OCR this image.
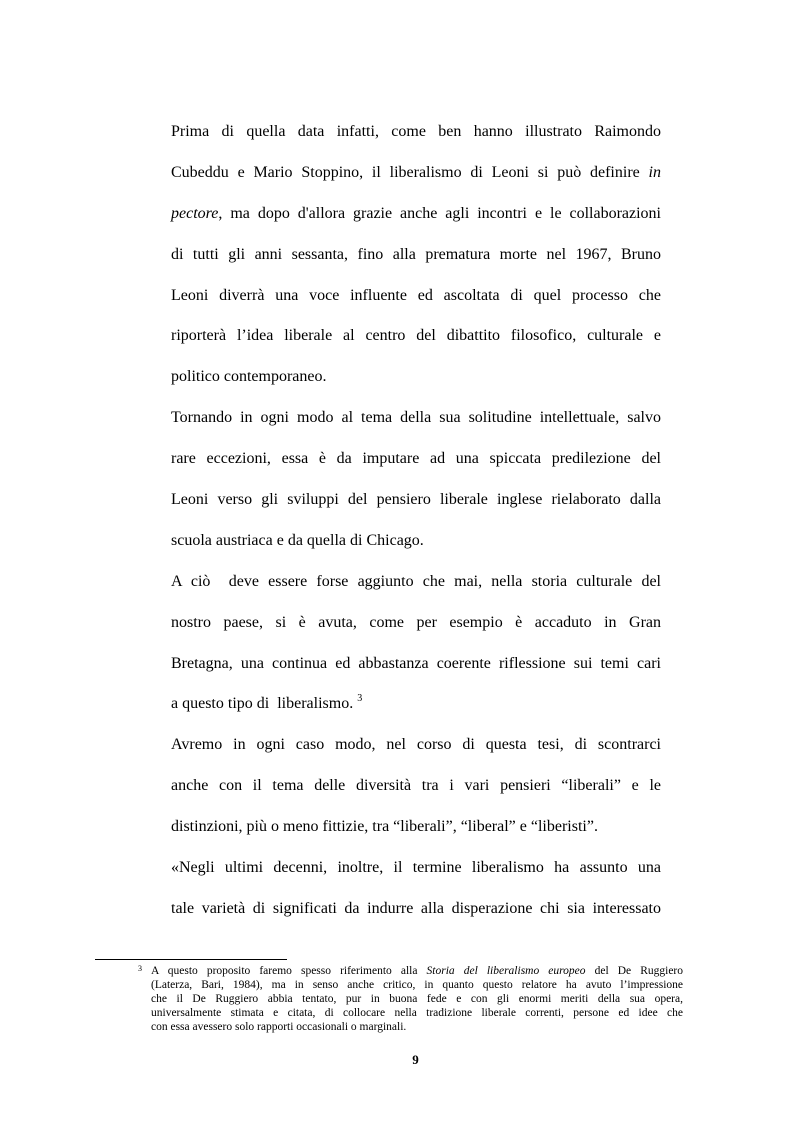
Prima di quella data infatti, come ben hanno illustrato Raimondo
Cubeddu e Mario Stoppino, il liberalismo di Leoni si può definire in
pectore, ma dopo d'allora grazie anche agli incontri e le collaborazioni
di tutti gli anni sessanta, fino alla prematura morte nel 1967, Bruno
Leoni diverrà una voce influente ed ascoltata di quel processo che
riporterà l’idea liberale al centro del dibattito filosofico, culturale e
politico contemporaneo.
Tornando in ogni modo al tema della sua solitudine intellettuale, salvo
rare eccezioni, essa è da imputare ad una spiccata predilezione del
Leoni verso gli sviluppi del pensiero liberale inglese rielaborato dalla
scuola austriaca e da quella di Chicago.
A ciò  deve essere forse aggiunto che mai, nella storia culturale del
nostro paese, si è avuta, come per esempio è accaduto in Gran
Bretagna, una continua ed abbastanza coerente riflessione sui temi cari
a questo tipo di  liberalismo. $^3$
Avremo in ogni caso modo, nel corso di questa tesi, di scontrarci
anche con il tema delle diversità tra i vari pensieri “liberali” e le
distinzioni, più o meno fittizie, tra “liberali”, “liberal” e “liberisti”.
«Negli ultimi decenni, inoltre, il termine liberalismo ha assunto una
tale varietà di significati da indurre alla disperazione chi sia interessato
3 A questo proposito faremo spesso riferimento alla Storia del liberalismo europeo del De Ruggiero
(Laterza, Bari, 1984), ma in senso anche critico, in quanto questo relatore ha avuto l’impressione
che il De Ruggiero abbia tentato, pur in buona fede e con gli enormi meriti della sua opera,
universalmente stimata e citata, di collocare nella tradizione liberale correnti, persone ed idee che
con essa avessero solo rapporti occasionali o marginali.
9
